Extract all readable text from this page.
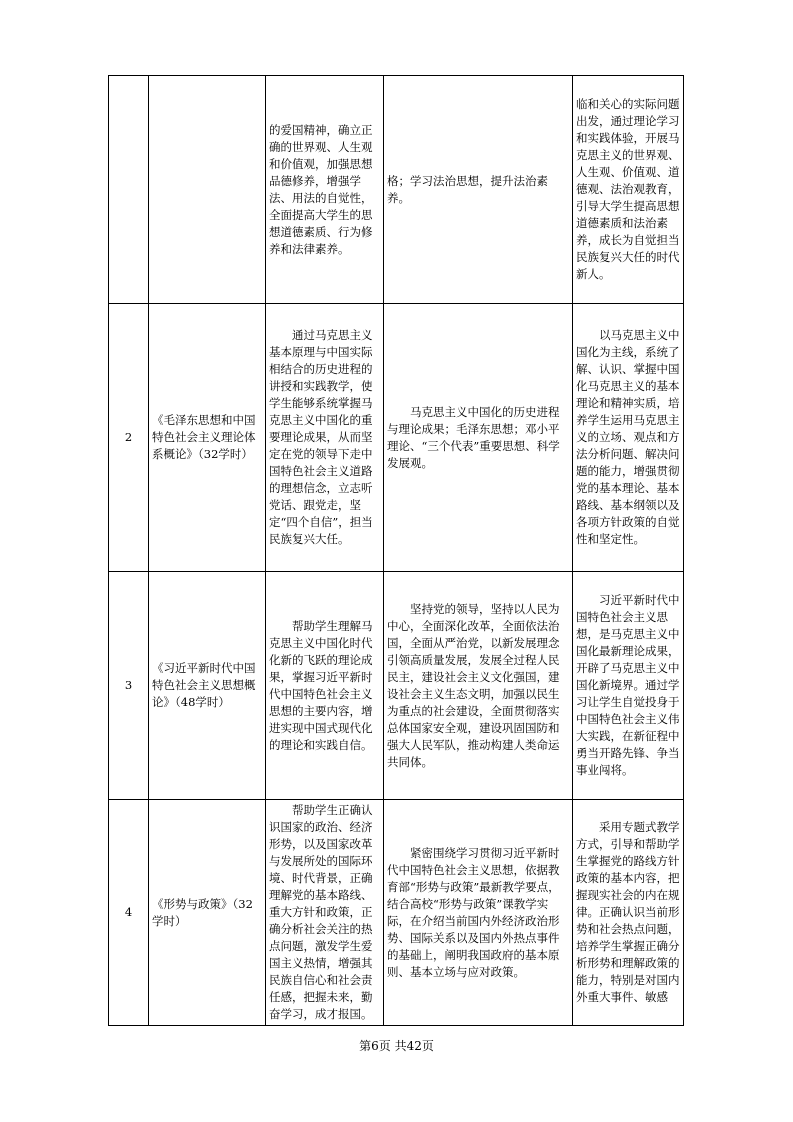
		的爱国精神，确立正确的世界观、人生观和价值观，加强思想品德修养，增强学法、用法的自觉性，全面提高大学生的思想道德素质、行为修养和法律素养。	格；学习法治思想，提升法治素养。	临和关心的实际问题出发，通过理论学习和实践体验，开展马克思主义的世界观、人生观、价值观、道德观、法治观教育，引导大学生提高思想道德素质和法治素养，成长为自觉担当民族复兴大任的时代新人。
2	《毛泽东思想和中国特色社会主义理论体系概论》（32学时）	通过马克思主义基本原理与中国实际相结合的历史进程的讲授和实践教学，使学生能够系统掌握马克思主义中国化的重要理论成果，从而坚定在党的领导下走中国特色社会主义道路的理想信念，立志听党话、跟党走，坚定“四个自信”，担当民族复兴大任。	马克思主义中国化的历史进程与理论成果；毛泽东思想；邓小平理论、“三个代表”重要思想、科学发展观。	以马克思主义中国化为主线，系统了解、认识、掌握中国化马克思主义的基本理论和精神实质，培养学生运用马克思主义的立场、观点和方法分析问题、解决问题的能力，增强贯彻党的基本理论、基本路线、基本纲领以及各项方针政策的自觉性和坚定性。
3	《习近平新时代中国特色社会主义思想概论》（48学时）	帮助学生理解马克思主义中国化时代化新的飞跃的理论成果，掌握习近平新时代中国特色社会主义思想的主要内容，增进实现中国式现代化的理论和实践自信。	坚持党的领导，坚持以人民为中心，全面深化改革，全面依法治国，全面从严治党，以新发展理念引领高质量发展，发展全过程人民民主，建设社会主义文化强国，建设社会主义生态文明，加强以民生为重点的社会建设，全面贯彻落实总体国家安全观，建设巩固国防和强大人民军队，推动构建人类命运共同体。	习近平新时代中国特色社会主义思想，是马克思主义中国化最新理论成果，开辟了马克思主义中国化新境界。通过学习让学生自觉投身于中国特色社会主义伟大实践，在新征程中勇当开路先锋、争当事业闯将。
4	《形势与政策》（32学时）	帮助学生正确认识国家的政治、经济形势，以及国家改革与发展所处的国际环境、时代背景，正确理解党的基本路线、重大方针和政策，正确分析社会关注的热点问题，激发学生爱国主义热情，增强其民族自信心和社会责任感，把握未来，勤奋学习，成才报国。	紧密围绕学习贯彻习近平新时代中国特色社会主义思想，依据教育部“形势与政策”最新教学要点，结合高校“形势与政策”课教学实际，在介绍当前国内外经济政治形势、国际关系以及国内外热点事件的基础上，阐明我国政府的基本原则、基本立场与应对政策。	采用专题式教学方式，引导和帮助学生掌握党的路线方针政策的基本内容，把握现实社会的内在规律。正确认识当前形势和社会热点问题，培养学生掌握正确分析形势和理解政策的能力，特别是对国内外重大事件、敏感
第6页 共42页
